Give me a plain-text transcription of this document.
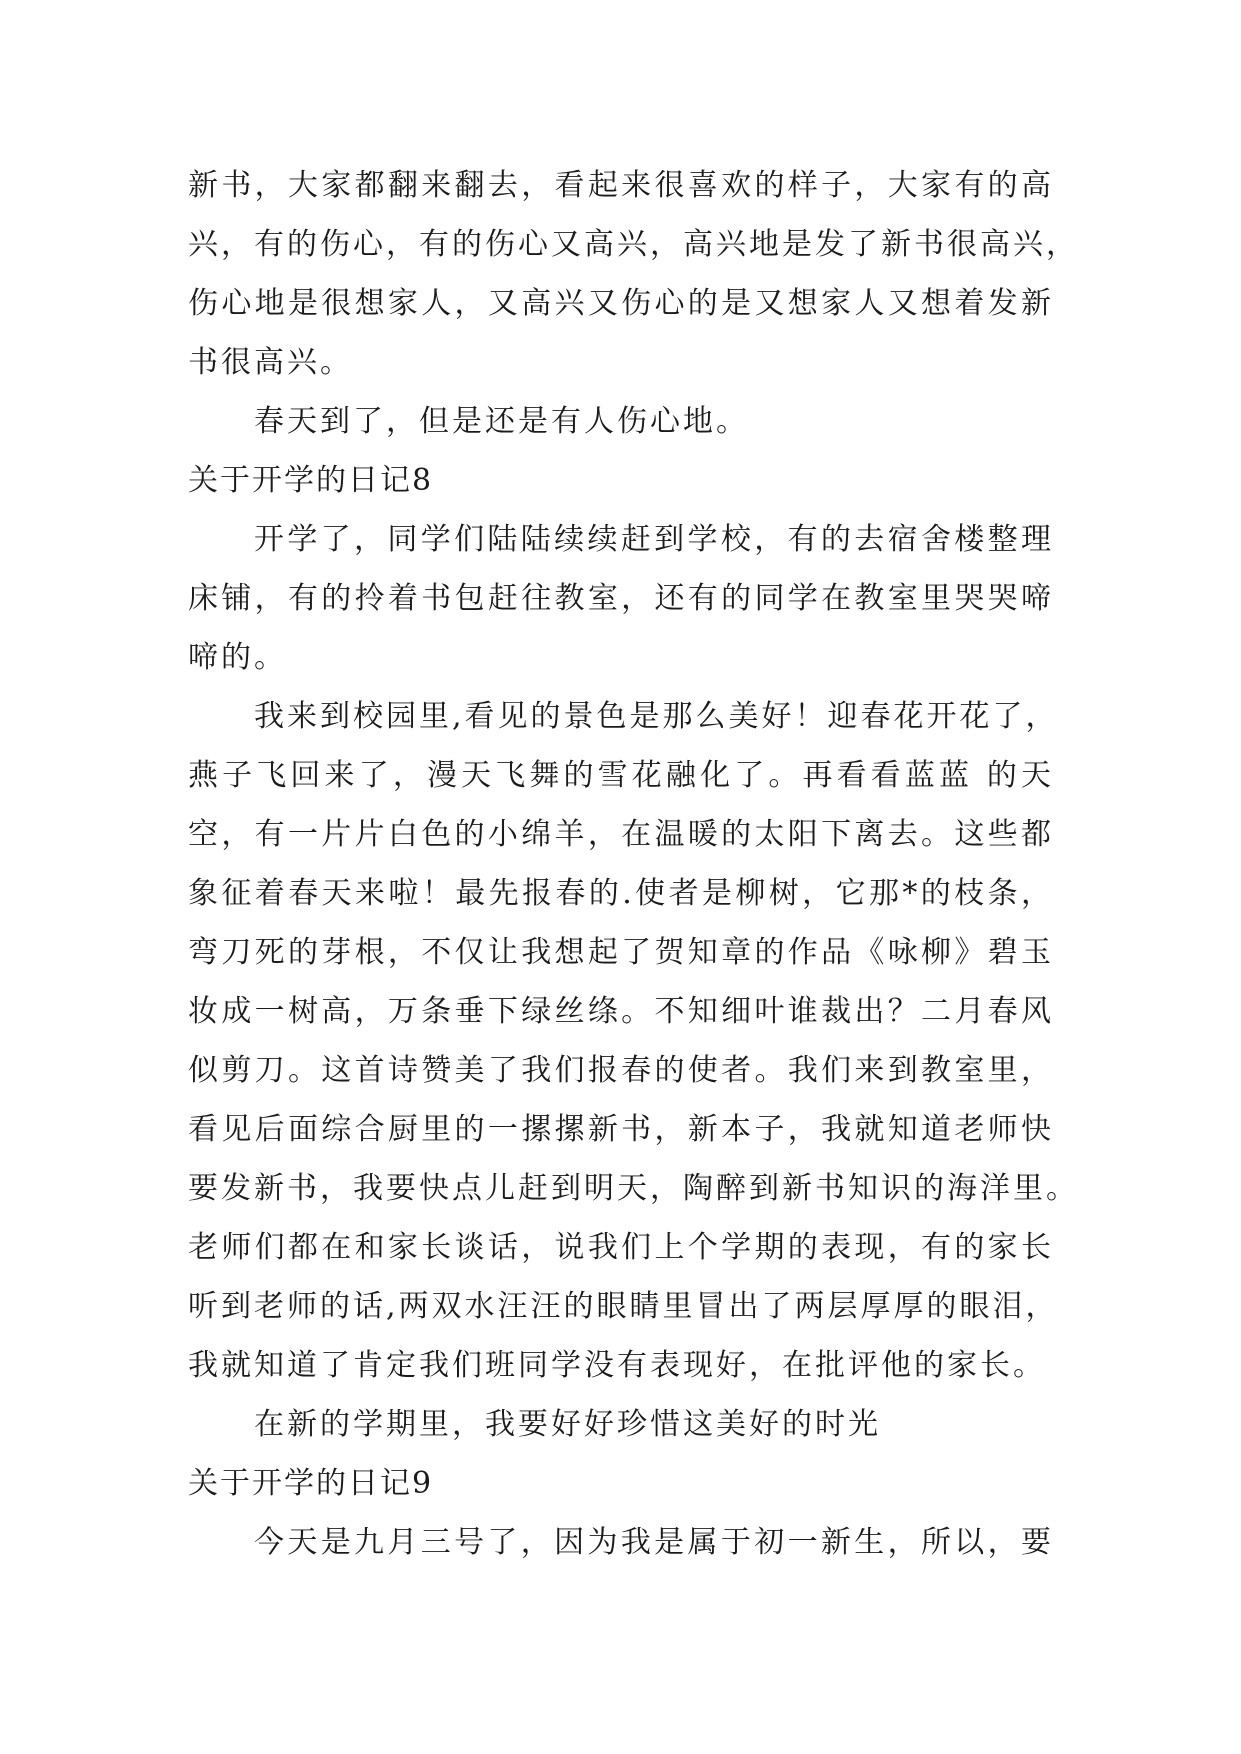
新书，大家都翻来翻去，看起来很喜欢的样子，大家有的高
兴，有的伤心，有的伤心又高兴，高兴地是发了新书很高兴，
伤心地是很想家人，又高兴又伤心的是又想家人又想着发新
书很高兴。
春天到了，但是还是有人伤心地。
关于开学的日记8
开学了，同学们陆陆续续赶到学校，有的去宿舍楼整理
床铺，有的拎着书包赶往教室，还有的同学在教室里哭哭啼
啼的。
我来到校园里,看见的景色是那么美好！迎春花开花了，
燕子飞回来了，漫天飞舞的雪花融化了。再看看蓝蓝 的天
空，有一片片白色的小绵羊，在温暖的太阳下离去。这些都
象征着春天来啦！最先报春的.使者是柳树，它那*的枝条，
弯刀死的芽根，不仅让我想起了贺知章的作品《咏柳》碧玉
妆成一树高，万条垂下绿丝绦。不知细叶谁裁出？二月春风
似剪刀。这首诗赞美了我们报春的使者。我们来到教室里，
看见后面综合厨里的一摞摞新书，新本子，我就知道老师快
要发新书，我要快点儿赶到明天，陶醉到新书知识的海洋里。
老师们都在和家长谈话，说我们上个学期的表现，有的家长
听到老师的话,两双水汪汪的眼睛里冒出了两层厚厚的眼泪，
我就知道了肯定我们班同学没有表现好，在批评他的家长。
在新的学期里，我要好好珍惜这美好的时光
关于开学的日记9
今天是九月三号了，因为我是属于初一新生，所以，要
